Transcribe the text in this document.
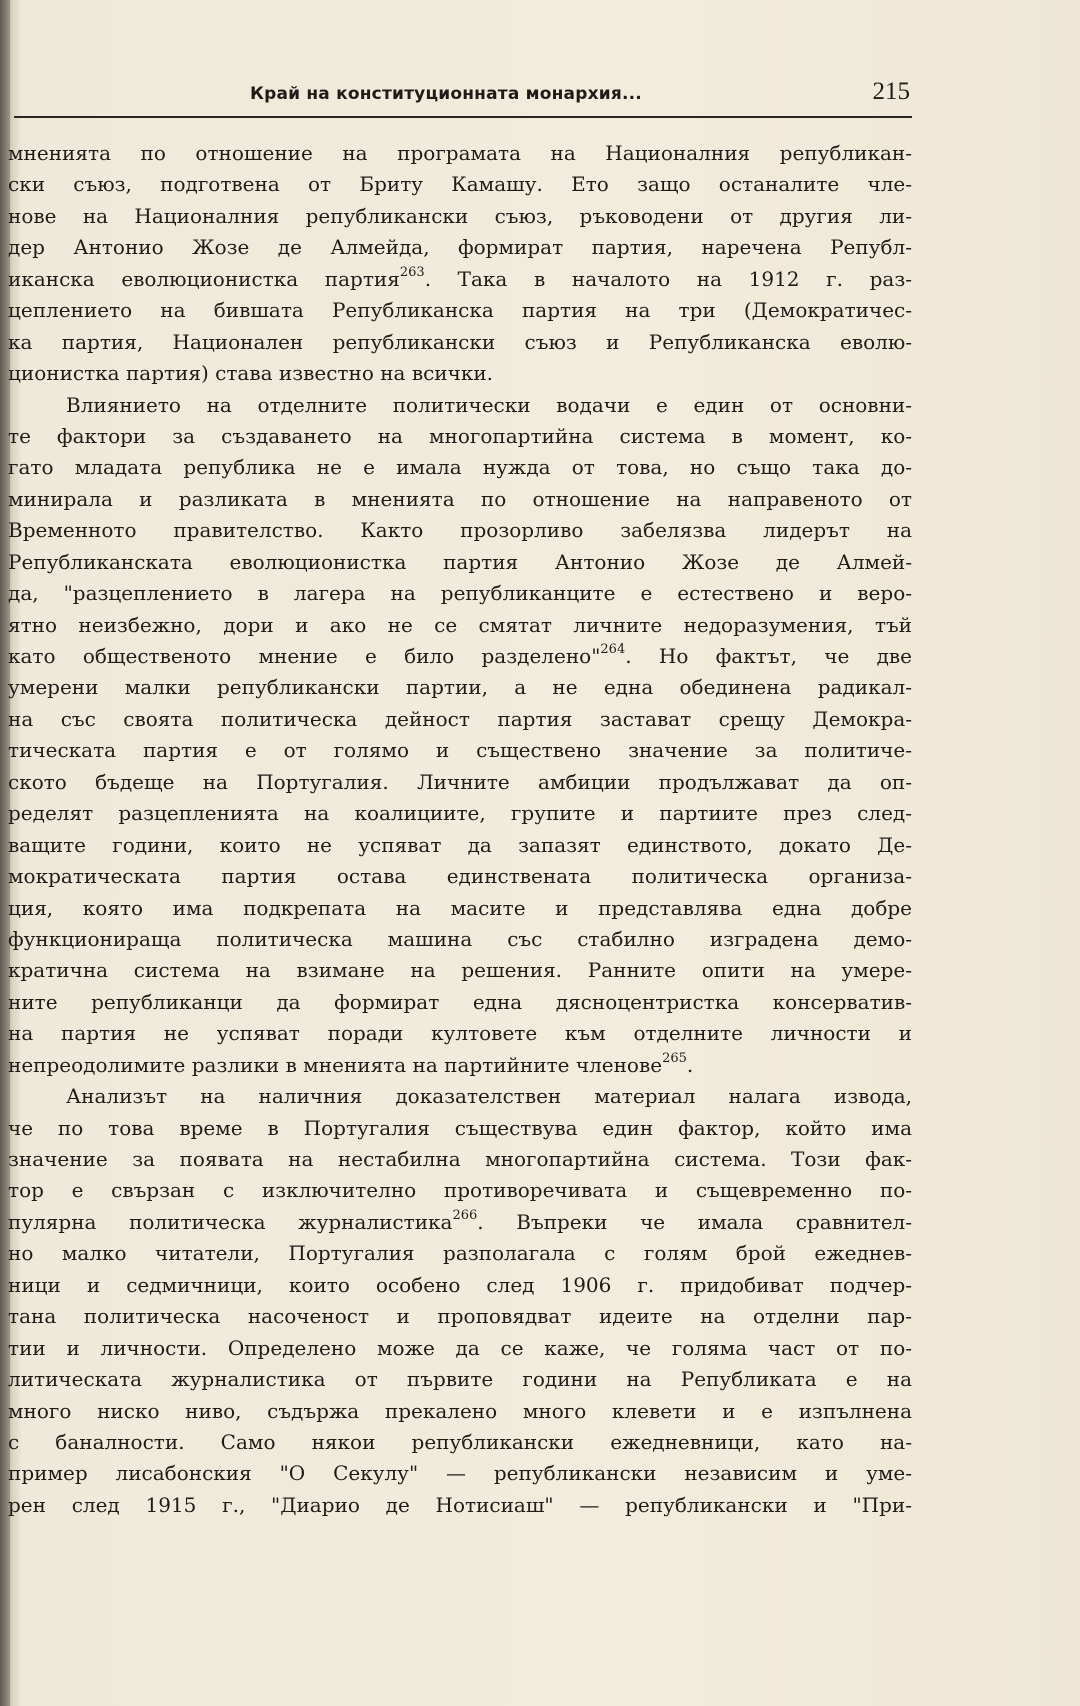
Край на конституционната монархия...	215
мненията по отношение на програмата на Националния републикан-
ски съюз, подготвена от Бриту Камашу. Ето защо останалите чле-
нове на Националния републикански съюз, ръководени от другия ли-
дер Антонио Жозе де Алмейда, формират партия, наречена Републ-
иканска еволюционистка партия$^{263}$. Така в началото на 1912 г. раз-
цеплението на бившата Републиканска партия на три (Демократичес-
ка партия, Национален републикански съюз и Републиканска еволю-
ционистка партия) става известно на всички.
Влиянието на отделните политически водачи е един от основни-
те фактори за създаването на многопартийна система в момент, ко-
гато младата република не е имала нужда от това, но също така до-
минирала и разликата в мненията по отношение на направеното от
Временното правителство. Както прозорливо забелязва лидерът на
Републиканската еволюционистка партия Антонио Жозе де Алмей-
да, "разцеплението в лагера на републиканците е естествено и веро-
ятно неизбежно, дори и ако не се смятат личните недоразумения, тъй
като общественото мнение е било разделено"$^{264}$. Но фактът, че две
умерени малки републикански партии, а не една обединена радикал-
на със своята политическа дейност партия застават срещу Демокра-
тическата партия е от голямо и съществено значение за политиче-
ското бъдеще на Португалия. Личните амбиции продължават да оп-
ределят разцепленията на коалициите, групите и партиите през след-
ващите години, които не успяват да запазят единството, докато Де-
мократическата партия остава единствената политическа организа-
ция, която има подкрепата на масите и представлява една добре
функционираща политическа машина със стабилно изградена демо-
кратична система на взимане на решения. Ранните опити на умере-
ните републиканци да формират една дясноцентристка консерватив-
на партия не успяват поради култовете към отделните личности и
непреодолимите разлики в мненията на партийните членове$^{265}$.
Анализът на наличния доказателствен материал налага извода,
че по това време в Португалия съществува един фактор, който има
значение за появата на нестабилна многопартийна система. Този фак-
тор е свързан с изключително противоречивата и същевременно по-
пулярна политическа журналистика$^{266}$. Въпреки че имала сравнител-
но малко читатели, Португалия разполагала с голям брой ежеднев-
ници и седмичници, които особено след 1906 г. придобиват подчер-
тана политическа насоченост и проповядват идеите на отделни пар-
тии и личности. Определено може да се каже, че голяма част от по-
литическата журналистика от първите години на Републиката е на
много ниско ниво, съдържа прекалено много клевети и е изпълнена
с баналности. Само някои републикански ежедневници, като на-
пример лисабонския "О Секулу" — републикански независим и уме-
рен след 1915 г., "Диарио де Нотисиаш" — републикански и "При-
